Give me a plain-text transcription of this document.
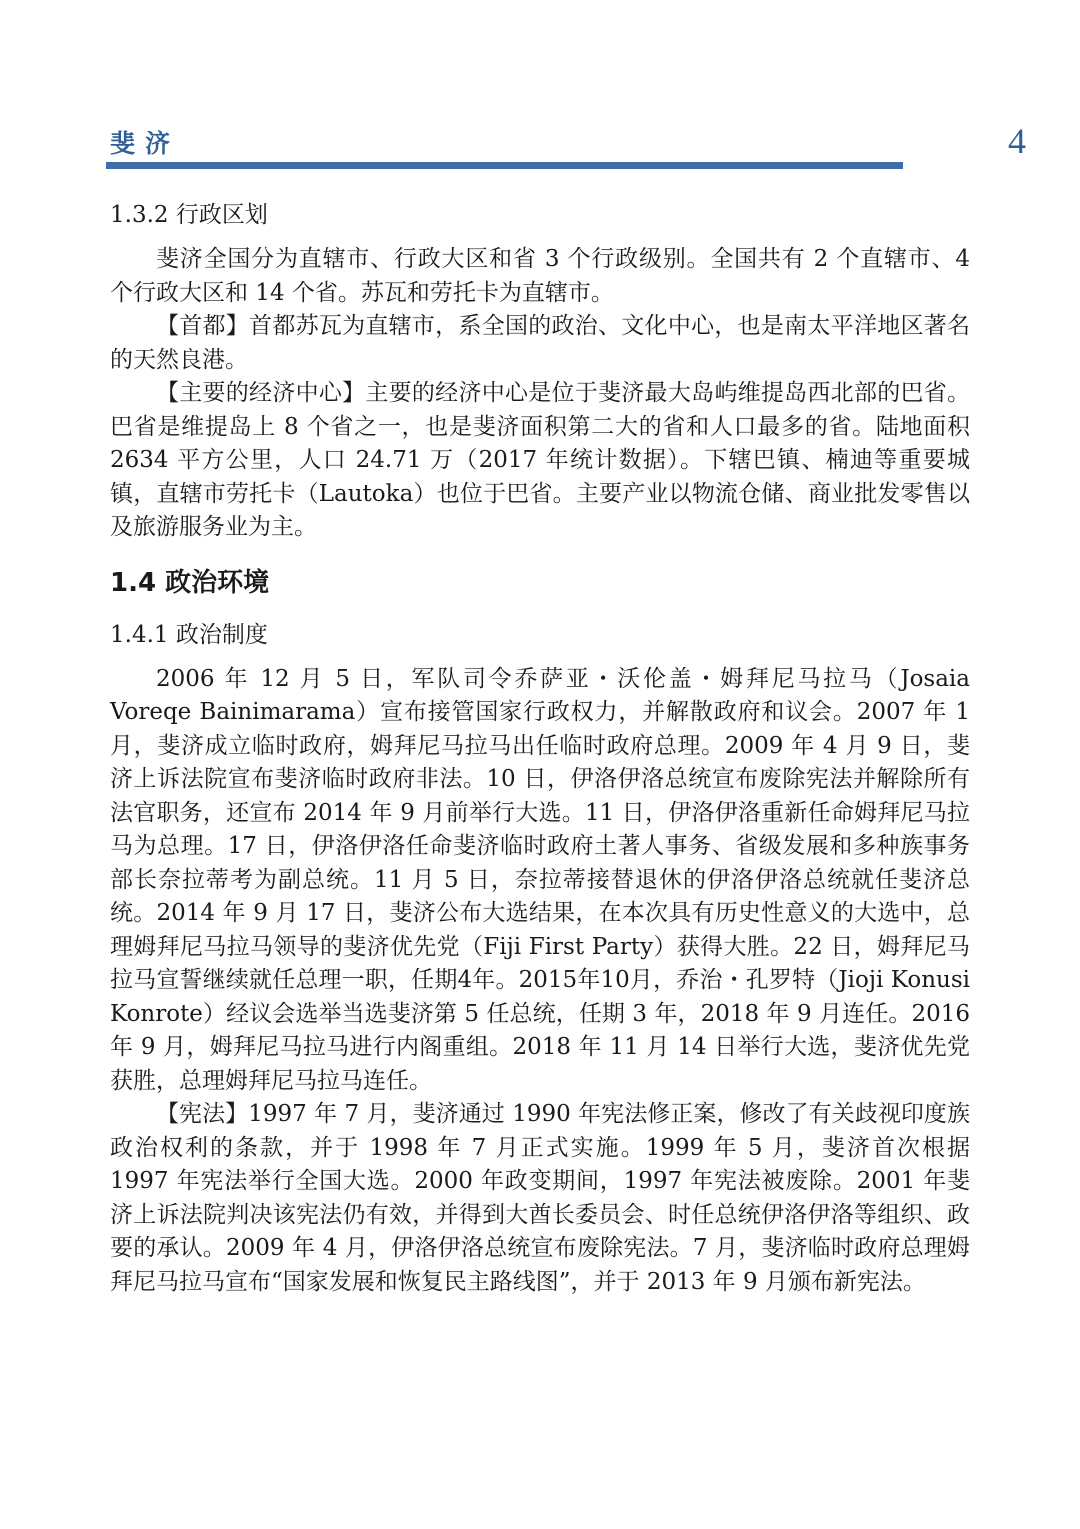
斐济	4
1.3.2 行政区划

斐济全国分为直辖市、行政大区和省 3 个行政级别。全国共有 2 个直辖市、4 个行政大区和 14 个省。苏瓦和劳托卡为直辖市。

【首都】首都苏瓦为直辖市，系全国的政治、文化中心，也是南太平洋地区著名的天然良港。

【主要的经济中心】主要的经济中心是位于斐济最大岛屿维提岛西北部的巴省。巴省是维提岛上 8 个省之一，也是斐济面积第二大的省和人口最多的省。陆地面积 2634 平方公里，人口 24.71 万（2017 年统计数据）。下辖巴镇、楠迪等重要城镇，直辖市劳托卡（Lautoka）也位于巴省。主要产业以物流仓储、商业批发零售以及旅游服务业为主。

1.4 政治环境
1.4.1 政治制度

2006 年 12 月 5 日，军队司令乔萨亚・沃伦盖・姆拜尼马拉马（Josaia Voreqe Bainimarama）宣布接管国家行政权力，并解散政府和议会。2007 年 1 月，斐济成立临时政府，姆拜尼马拉马出任临时政府总理。2009 年 4 月 9 日，斐济上诉法院宣布斐济临时政府非法。10 日，伊洛伊洛总统宣布废除宪法并解除所有法官职务，还宣布 2014 年 9 月前举行大选。11 日，伊洛伊洛重新任命姆拜尼马拉马为总理。17 日，伊洛伊洛任命斐济临时政府土著人事务、省级发展和多种族事务部长奈拉蒂考为副总统。11 月 5 日，奈拉蒂接替退休的伊洛伊洛总统就任斐济总统。2014 年 9 月 17 日，斐济公布大选结果，在本次具有历史性意义的大选中，总理姆拜尼马拉马领导的斐济优先党（Fiji First Party）获得大胜。22 日，姆拜尼马拉马宣誓继续就任总理一职，任期4年。2015年10月，乔治・孔罗特（Jioji Konusi Konrote）经议会选举当选斐济第 5 任总统，任期 3 年，2018 年 9 月连任。2016 年 9 月，姆拜尼马拉马进行内阁重组。2018 年 11 月 14 日举行大选，斐济优先党获胜，总理姆拜尼马拉马连任。

【宪法】1997 年 7 月，斐济通过 1990 年宪法修正案，修改了有关歧视印度族政治权利的条款，并于 1998 年 7 月正式实施。1999 年 5 月，斐济首次根据 1997 年宪法举行全国大选。2000 年政变期间，1997 年宪法被废除。2001 年斐济上诉法院判决该宪法仍有效，并得到大酋长委员会、时任总统伊洛伊洛等组织、政要的承认。2009 年 4 月，伊洛伊洛总统宣布废除宪法。7 月，斐济临时政府总理姆拜尼马拉马宣布“国家发展和恢复民主路线图”，并于 2013 年 9 月颁布新宪法。
